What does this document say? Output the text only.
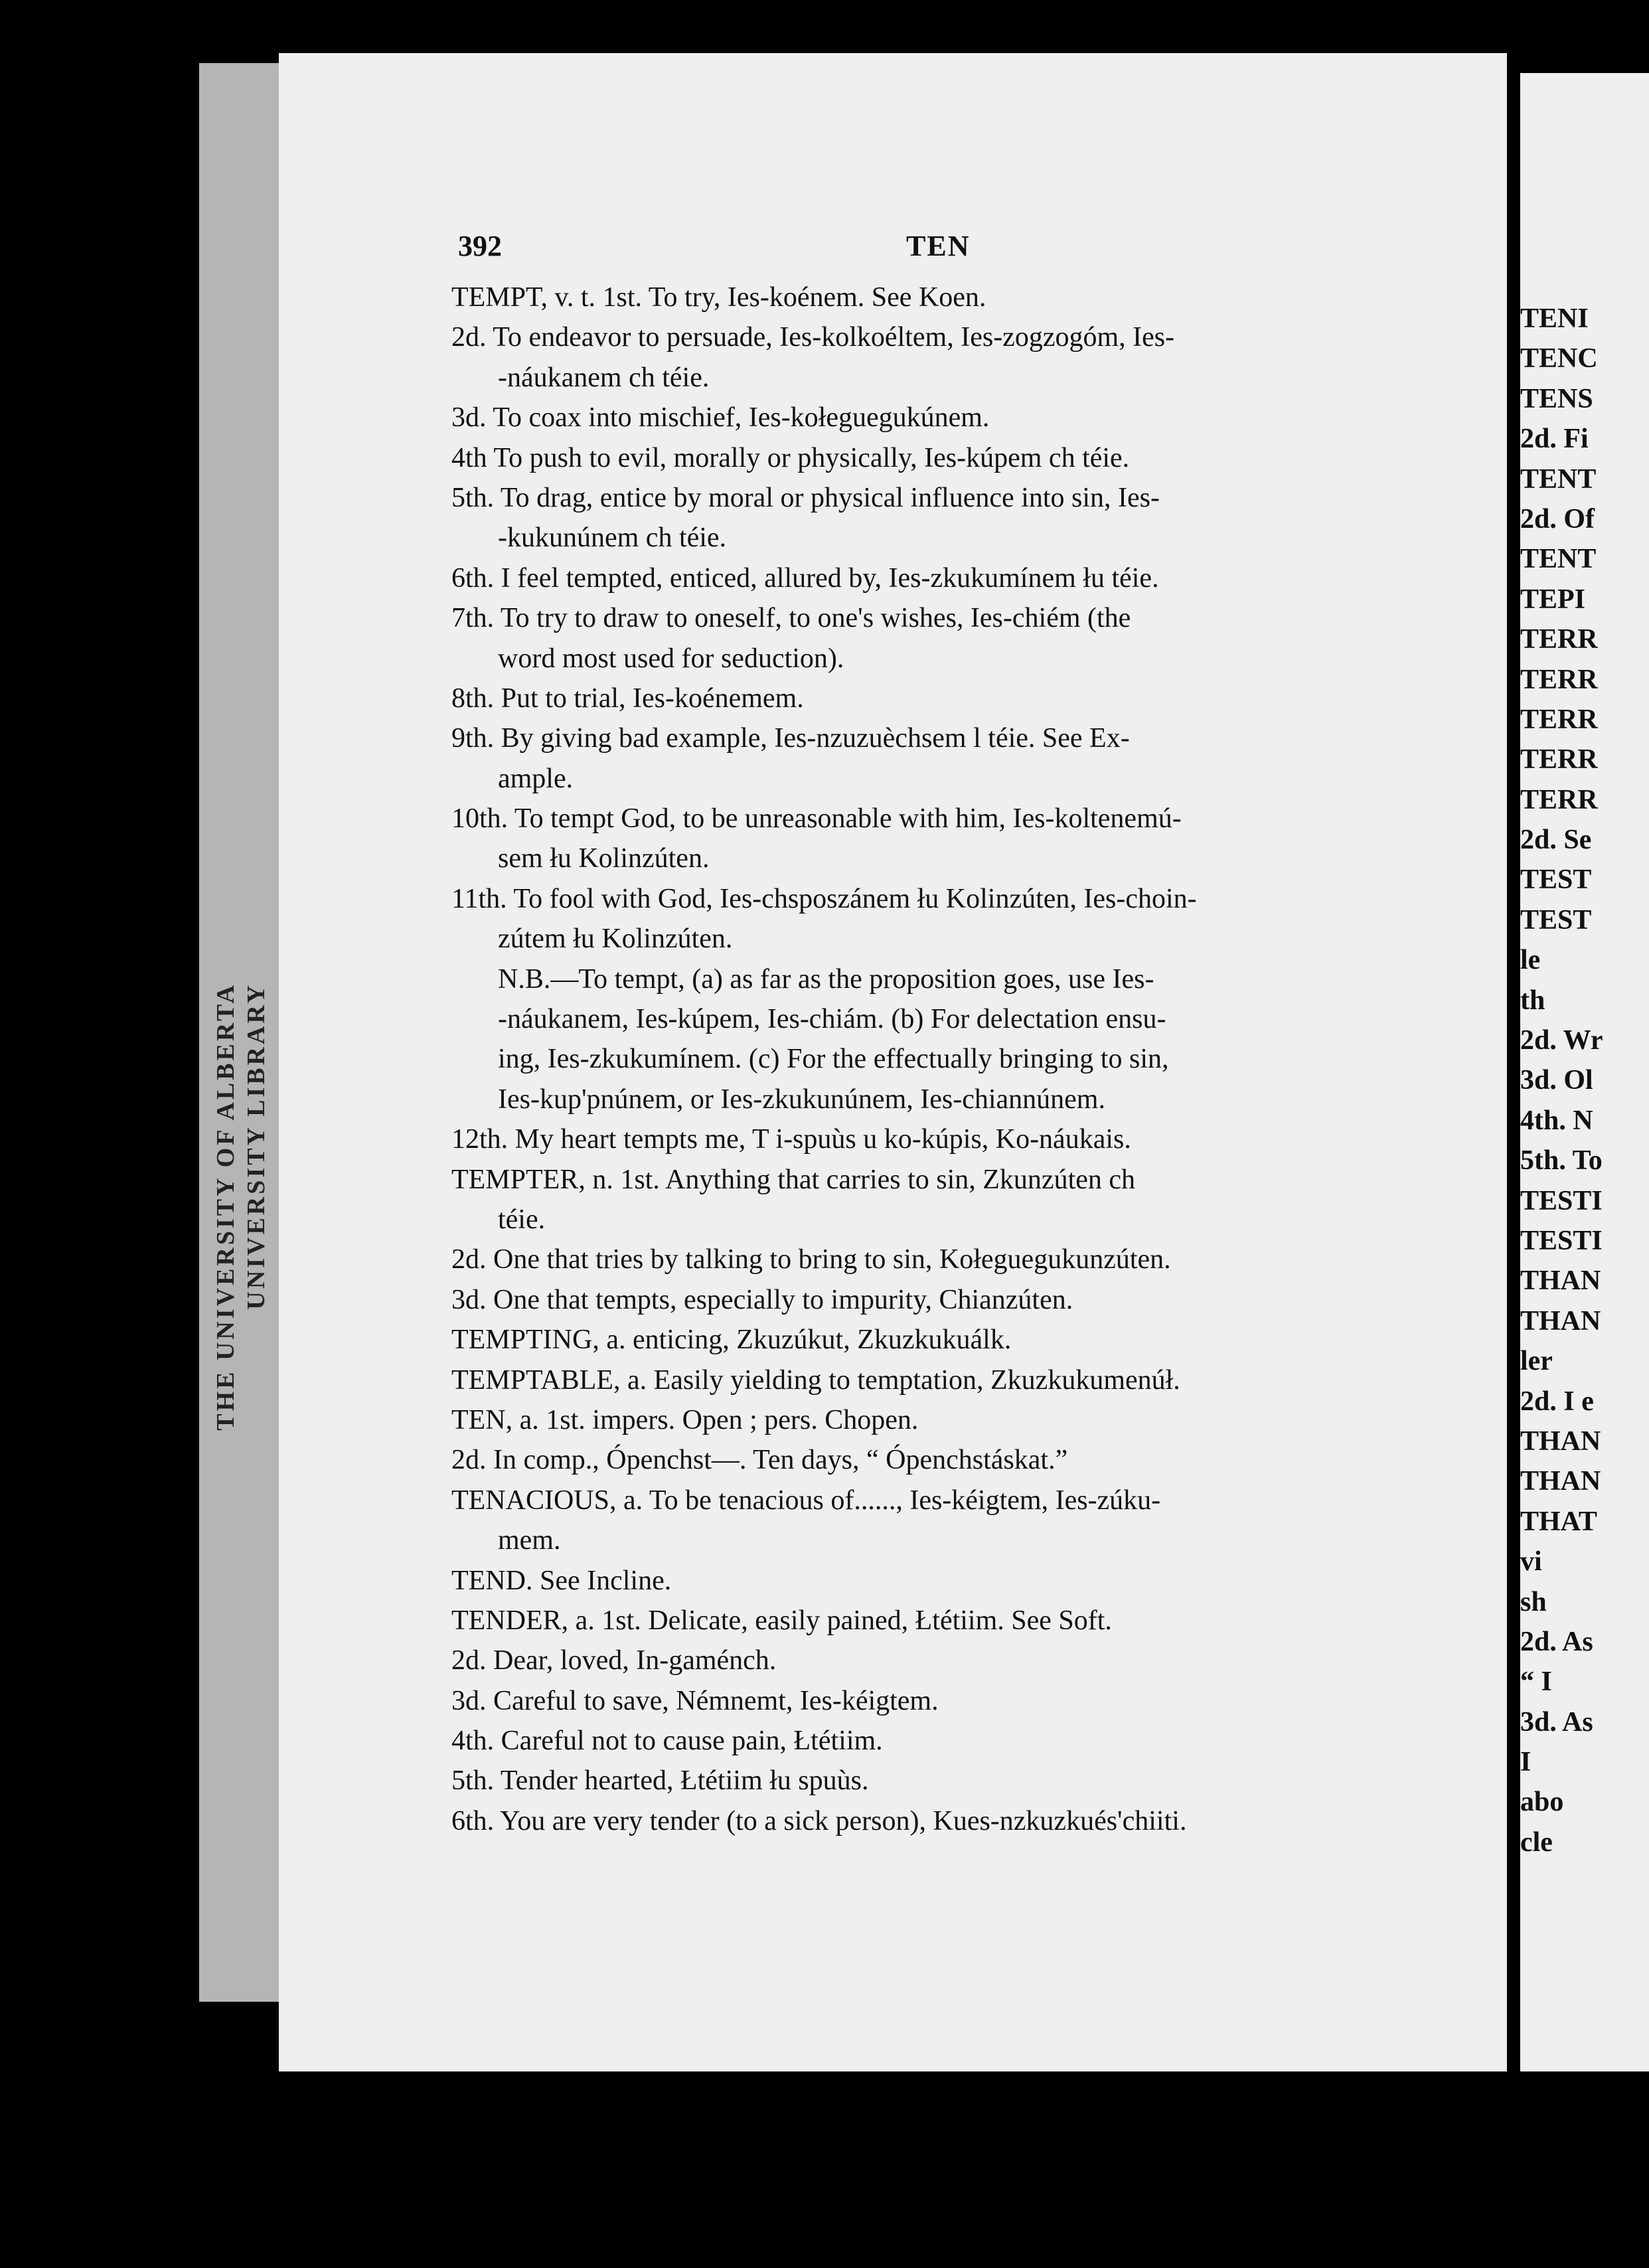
THE UNIVERSITY OF ALBERTA UNIVERSITY LIBRARY
392	TEN
TEMPT, v. t. 1st. To try, Ies-koénem. See Koen.
2d. To endeavor to persuade, Ies-kolkoéltem, Ies-zogzogóm, Ies-
-náukanem ch téie.
3d. To coax into mischief, Ies-kołeguegukúnem.
4th To push to evil, morally or physically, Ies-kúpem ch téie.
5th. To drag, entice by moral or physical influence into sin, Ies-
-kukunúnem ch téie.
6th. I feel tempted, enticed, allured by, Ies-zkukumínem łu téie.
7th. To try to draw to oneself, to one's wishes, Ies-chiém (the
word most used for seduction).
8th. Put to trial, Ies-koénemem.
9th. By giving bad example, Ies-nzuzuèchsem l téie. See Ex-
ample.
10th. To tempt God, to be unreasonable with him, Ies-koltenemú-
sem łu Kolinzúten.
11th. To fool with God, Ies-chsposzánem łu Kolinzúten, Ies-choin-
zútem łu Kolinzúten.
N.B.—To tempt, (a) as far as the proposition goes, use Ies-
-náukanem, Ies-kúpem, Ies-chiám. (b) For delectation ensu-
ing, Ies-zkukumínem. (c) For the effectually bringing to sin,
Ies-kup'pnúnem, or Ies-zkukunúnem, Ies-chiannúnem.
12th. My heart tempts me, T i-spuùs u ko-kúpis, Ko-náukais.
TEMPTER, n. 1st. Anything that carries to sin, Zkunzúten ch
téie.
2d. One that tries by talking to bring to sin, Kołeguegukunzúten.
3d. One that tempts, especially to impurity, Chianzúten.
TEMPTING, a. enticing, Zkuzúkut, Zkuzkukuálk.
TEMPTABLE, a. Easily yielding to temptation, Zkuzkukumenúł.
TEN, a. 1st. impers. Open ; pers. Chopen.
2d. In comp., Ópenchst—. Ten days, “ Ópenchstáskat.”
TENACIOUS, a. To be tenacious of......, Ies-kéigtem, Ies-zúku-
mem.
TEND. See Incline.
TENDER, a. 1st. Delicate, easily pained, Łtétiim. See Soft.
2d. Dear, loved, In-gaménch.
3d. Careful to save, Némnemt, Ies-kéigtem.
4th. Careful not to cause pain, Łtétiim.
5th. Tender hearted, Łtétiim łu spuùs.
6th. You are very tender (to a sick person), Kues-nzkuzkués'chiiti.
TENI
TENC
TENS
2d. Fi
TENT
2d. Of
TENT
TEPI
TERR
TERR
TERR
TERR
TERR
2d. Se
TEST
TEST
le
th
2d. Wr
3d. Ol
4th. N
5th. To
TESTI
TESTI
THAN
THAN
ler
2d. I e
THAN
THAN
THAT
vi
sh
2d. As
“ I
3d. As
I
abo
cle
